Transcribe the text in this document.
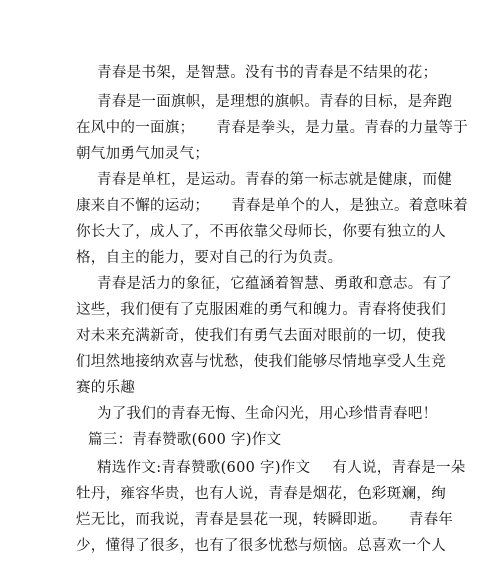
青春是书架，是智慧。没有书的青春是不结果的花；
青春是一面旗帜，是理想的旗帜。青春的目标，是奔跑
在风中的一面旗； 青春是拳头，是力量。青春的力量等于
朝气加勇气加灵气；
青春是单杠，是运动。青春的第一标志就是健康，而健
康来自不懈的运动； 青春是单个的人，是独立。着意味着
你长大了，成人了，不再依靠父母师长，你要有独立的人
格，自主的能力，要对自己的行为负责。
青春是活力的象征，它蕴涵着智慧、勇敢和意志。有了
这些，我们便有了克服困难的勇气和魄力。青春将使我们
对未来充满新奇，使我们有勇气去面对眼前的一切，使我
们坦然地接纳欢喜与忧愁，使我们能够尽情地享受人生竞
赛的乐趣
为了我们的青春无悔、生命闪光，用心珍惜青春吧！
篇三：青春赞歌(600 字)作文
精选作文:青春赞歌(600 字)作文 有人说，青春是一朵
牡丹，雍容华贵，也有人说，青春是烟花，色彩斑斓，绚
烂无比，而我说，青春是昙花一现，转瞬即逝。 青春年
少，懂得了很多，也有了很多忧愁与烦恼。总喜欢一个人
